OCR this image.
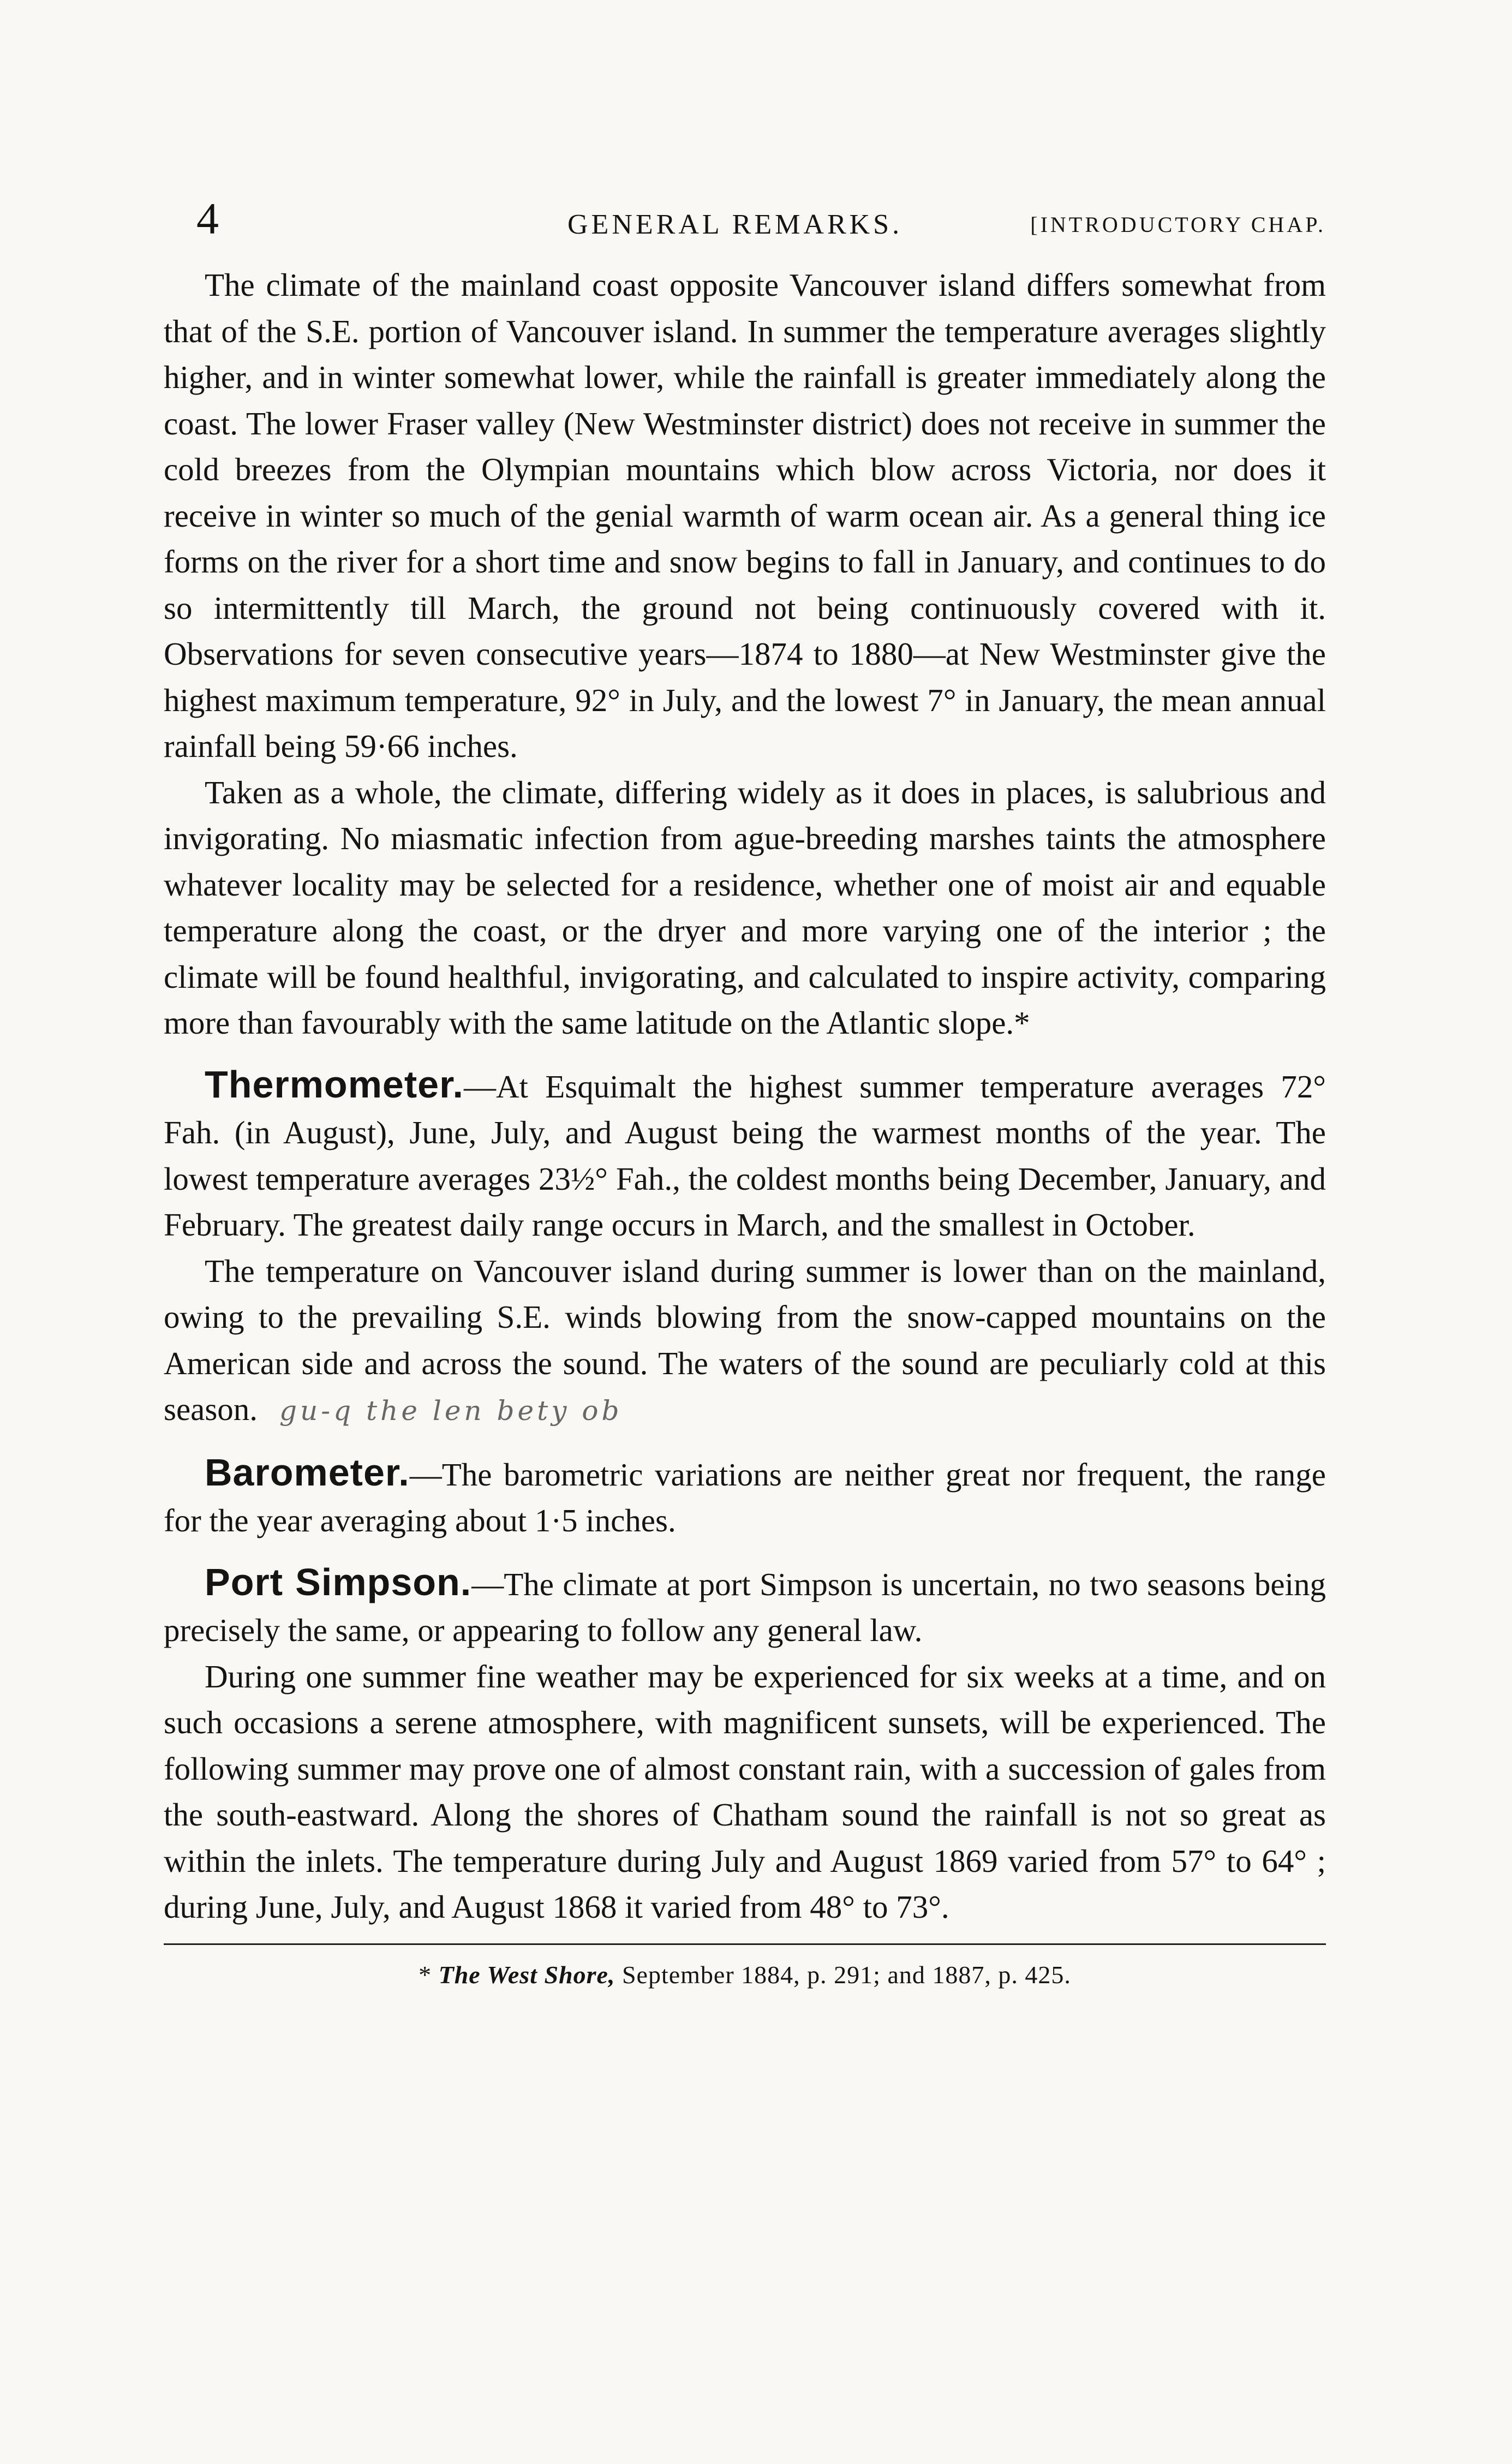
4	GENERAL REMARKS.	[INTRODUCTORY CHAP.

The climate of the mainland coast opposite Vancouver island differs somewhat from that of the S.E. portion of Vancouver island. In summer the temperature averages slightly higher, and in winter somewhat lower, while the rainfall is greater immediately along the coast. The lower Fraser valley (New Westminster district) does not receive in summer the cold breezes from the Olympian mountains which blow across Victoria, nor does it receive in winter so much of the genial warmth of warm ocean air. As a general thing ice forms on the river for a short time and snow begins to fall in January, and continues to do so intermittently till March, the ground not being continuously covered with it. Observations for seven consecutive years—1874 to 1880—at New Westminster give the highest maximum temperature, 92° in July, and the lowest 7° in January, the mean annual rainfall being 59·66 inches.

Taken as a whole, the climate, differing widely as it does in places, is salubrious and invigorating. No miasmatic infection from ague-breeding marshes taints the atmosphere whatever locality may be selected for a residence, whether one of moist air and equable temperature along the coast, or the dryer and more varying one of the interior ; the climate will be found healthful, invigorating, and calculated to inspire activity, comparing more than favourably with the same latitude on the Atlantic slope.*

Thermometer.—At Esquimalt the highest summer temperature averages 72° Fah. (in August), June, July, and August being the warmest months of the year. The lowest temperature averages 23½° Fah., the coldest months being December, January, and February. The greatest daily range occurs in March, and the smallest in October.

The temperature on Vancouver island during summer is lower than on the mainland, owing to the prevailing S.E. winds blowing from the snow-capped mountains on the American side and across the sound. The waters of the sound are peculiarly cold at this season. gu-q the len bety ob

Barometer.—The barometric variations are neither great nor frequent, the range for the year averaging about 1·5 inches.

Port Simpson.—The climate at port Simpson is uncertain, no two seasons being precisely the same, or appearing to follow any general law.

During one summer fine weather may be experienced for six weeks at a time, and on such occasions a serene atmosphere, with magnificent sunsets, will be experienced. The following summer may prove one of almost constant rain, with a succession of gales from the south-eastward. Along the shores of Chatham sound the rainfall is not so great as within the inlets. The temperature during July and August 1869 varied from 57° to 64° ; during June, July, and August 1868 it varied from 48° to 73°.

* The West Shore, September 1884, p. 291; and 1887, p. 425.
